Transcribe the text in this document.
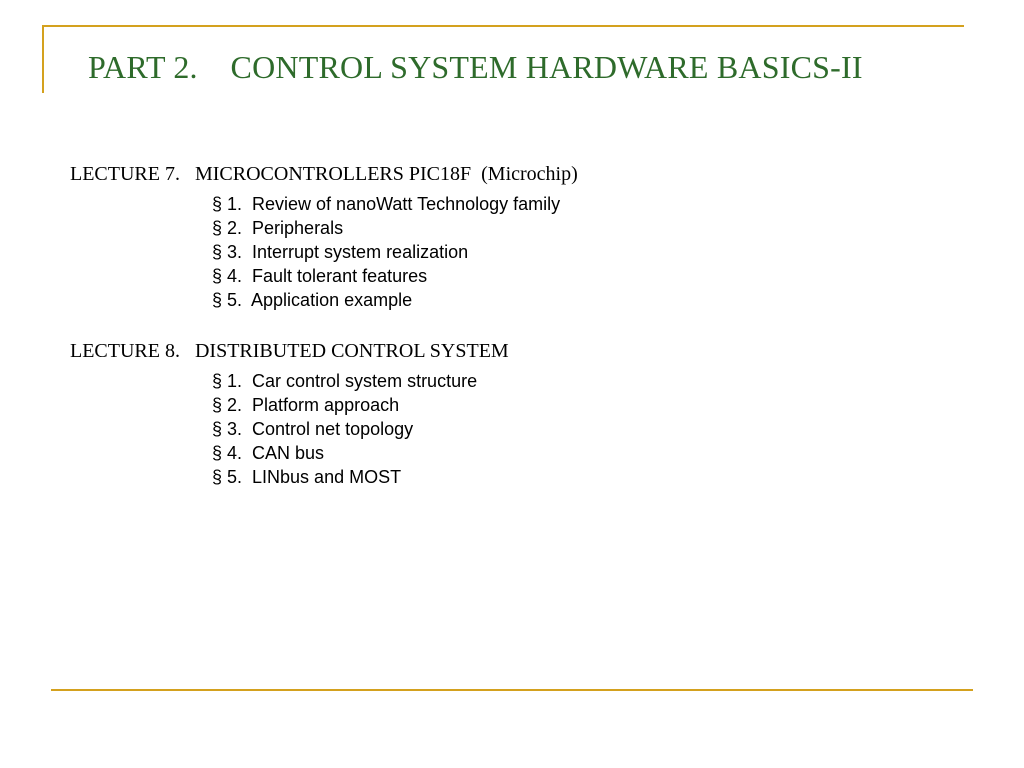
PART 2.    CONTROL SYSTEM HARDWARE BASICS-II
LECTURE 7.   MICROCONTROLLERS PIC18F  (Microchip)
§ 1.  Review of nanoWatt Technology family
§ 2.  Peripherals
§ 3.  Interrupt system realization
§ 4.  Fault tolerant features
§ 5.  Application example
LECTURE 8.   DISTRIBUTED CONTROL SYSTEM
§ 1.  Car control system structure
§ 2.  Platform approach
§ 3.  Control net topology
§ 4.  CAN bus
§ 5.  LINbus and MOST
